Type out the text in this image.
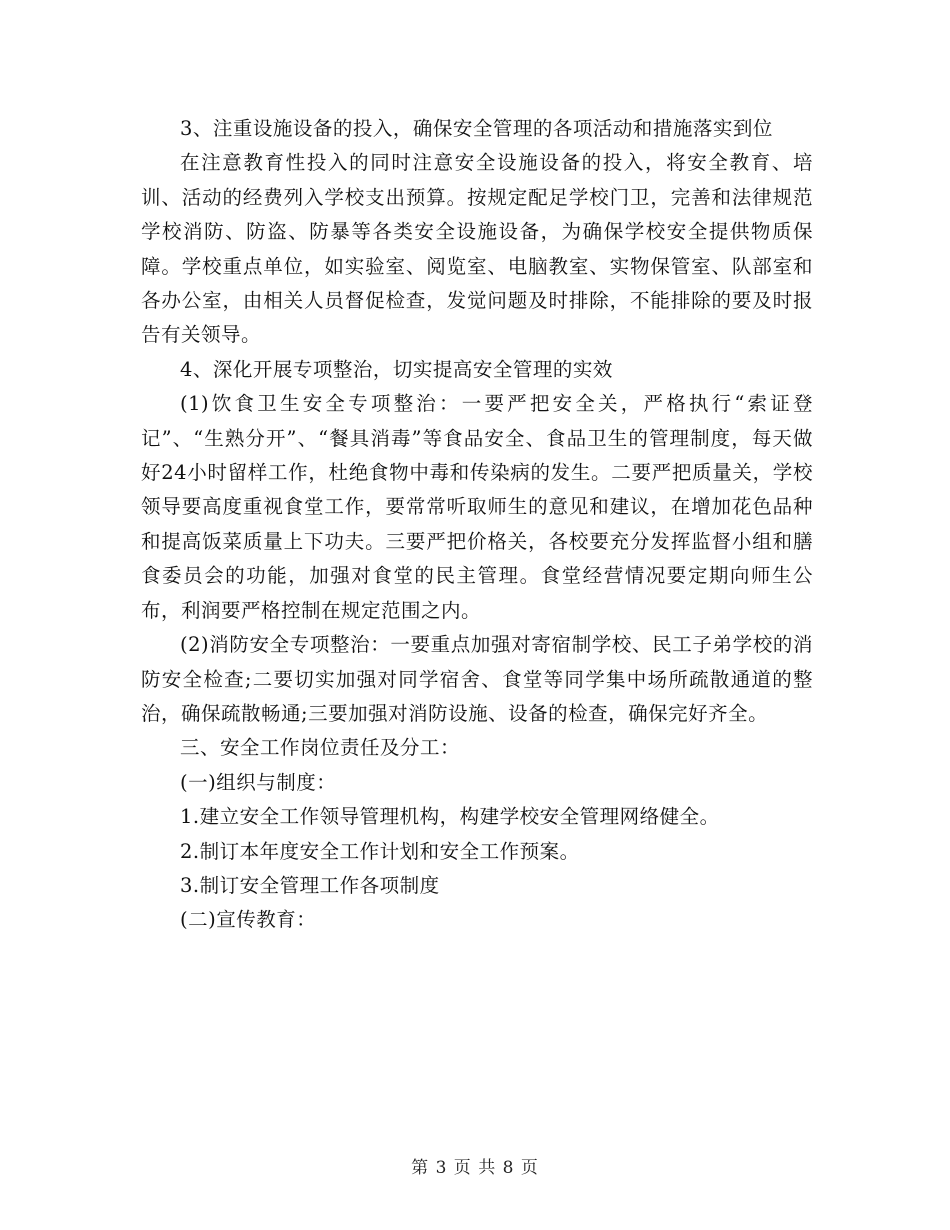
3、注重设施设备的投入，确保安全管理的各项活动和措施落实到位

在注意教育性投入的同时注意安全设施设备的投入，将安全教育、培训、活动的经费列入学校支出预算。按规定配足学校门卫，完善和法律规范学校消防、防盗、防暴等各类安全设施设备，为确保学校安全提供物质保障。学校重点单位，如实验室、阅览室、电脑教室、实物保管室、队部室和各办公室，由相关人员督促检查，发觉问题及时排除，不能排除的要及时报告有关领导。

4、深化开展专项整治，切实提高安全管理的实效

(1)饮食卫生安全专项整治：一要严把安全关，严格执行“索证登记”、“生熟分开”、“餐具消毒”等食品安全、食品卫生的管理制度，每天做好24小时留样工作，杜绝食物中毒和传染病的发生。二要严把质量关，学校领导要高度重视食堂工作，要常常听取师生的意见和建议，在增加花色品种和提高饭菜质量上下功夫。三要严把价格关，各校要充分发挥监督小组和膳食委员会的功能，加强对食堂的民主管理。食堂经营情况要定期向师生公布，利润要严格控制在规定范围之内。

(2)消防安全专项整治：一要重点加强对寄宿制学校、民工子弟学校的消防安全检查;二要切实加强对同学宿舍、食堂等同学集中场所疏散通道的整治，确保疏散畅通;三要加强对消防设施、设备的检查，确保完好齐全。

三、安全工作岗位责任及分工：

(一)组织与制度：

1.建立安全工作领导管理机构，构建学校安全管理网络健全。

2.制订本年度安全工作计划和安全工作预案。

3.制订安全管理工作各项制度

(二)宣传教育：

第 3 页 共 8 页
